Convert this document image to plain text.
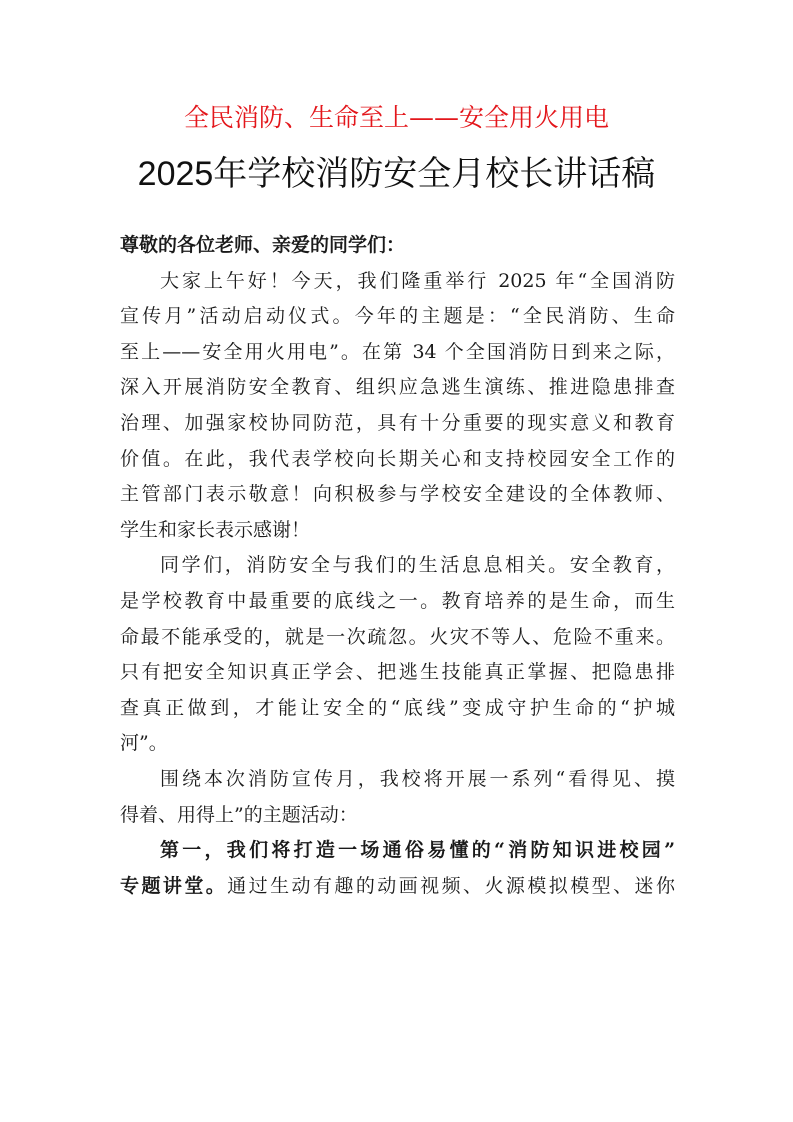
全民消防、生命至上——安全用火用电
2025年学校消防安全月校长讲话稿
尊敬的各位老师、亲爱的同学们：
大家上午好！今天，我们隆重举行 2025 年“全国消防
宣传月”活动启动仪式。今年的主题是：“全民消防、生命
至上——安全用火用电”。在第 34 个全国消防日到来之际，
深入开展消防安全教育、组织应急逃生演练、推进隐患排查
治理、加强家校协同防范，具有十分重要的现实意义和教育
价值。在此，我代表学校向长期关心和支持校园安全工作的
主管部门表示敬意！向积极参与学校安全建设的全体教师、
学生和家长表示感谢！
同学们，消防安全与我们的生活息息相关。安全教育，
是学校教育中最重要的底线之一。教育培养的是生命，而生
命最不能承受的，就是一次疏忽。火灾不等人、危险不重来。
只有把安全知识真正学会、把逃生技能真正掌握、把隐患排
查真正做到，才能让安全的“底线”变成守护生命的“护城
河”。
围绕本次消防宣传月，我校将开展一系列“看得见、摸
得着、用得上”的主题活动：
第一，我们将打造一场通俗易懂的“消防知识进校园”
专题讲堂。通过生动有趣的动画视频、火源模拟模型、迷你
